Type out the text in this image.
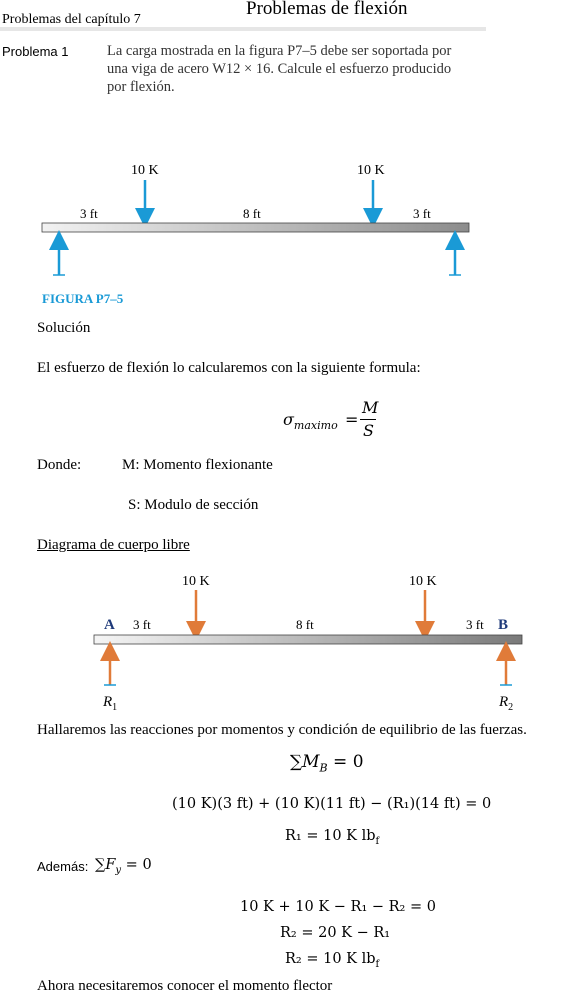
Problemas del capítulo 7
Problemas de flexión
Problema 1	La carga mostrada en la figura P7–5 debe ser soportada por
una viga de acero W12 × 16. Calcule el esfuerzo producido
por flexión.
10 K	10 K
3 ft	8 ft	3 ft
FIGURA P7–5
Solución
El esfuerzo de flexión lo calcularemos con la siguiente formula:
$\sigma_{maximo}$ =
M
S
Donde:	M: Momento flexionante
S: Modulo de sección
Diagrama de cuerpo libre
10 K	10 K
A	B
3 ft	8 ft	3 ft
$R_1$	$R_2$
Hallaremos las reacciones por momentos y condición de equilibrio de las fuerzas.
$\sum M_B = 0$
(10 K)(3 ft) + (10 K)(11 ft) − (R₁)(14 ft) = 0
R₁ = 10 K $lb_f$
Además: $\sum F_y = 0$
10 K + 10 K − R₁ − R₂ = 0
R₂ = 20 K − R₁
R₂ = 10 K $lb_f$
Ahora necesitaremos conocer el momento flector
